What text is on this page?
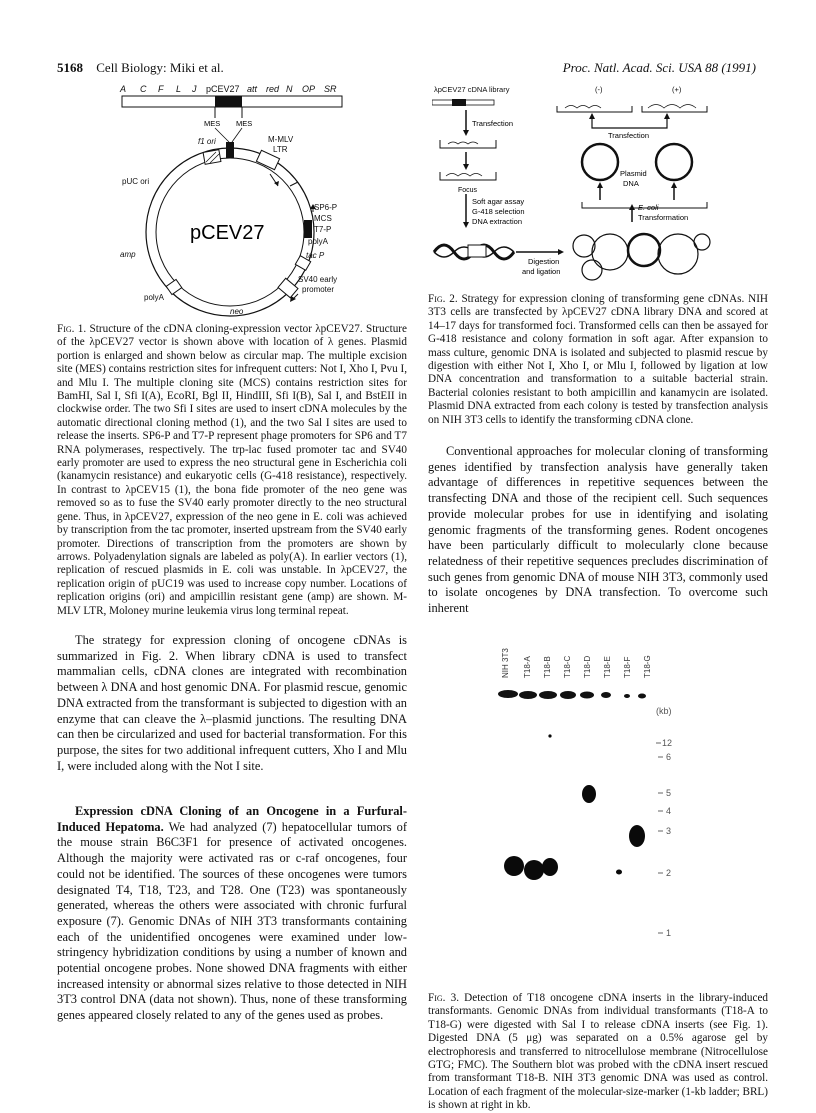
5168 Cell Biology: Miki et al.	Proc. Natl. Acad. Sci. USA 88 (1991)
A C F L J pCEV27 att red N OP SR
MES MES
f1 ori	M-MLV
LTR
pUC ori
SP6-P
MCS
T7-P
polyA
tac P
amp
SV40 early
promoter
polyA
neo
pCEV27
Fig. 1. Structure of the cDNA cloning-expression vector λpCEV27. Structure of the λpCEV27 vector is shown above with location of λ genes. Plasmid portion is enlarged and shown below as circular map. The multiple excision site (MES) contains restriction sites for infrequent cutters: Not I, Xho I, Pvu I, and Mlu I. The multiple cloning site (MCS) contains restriction sites for BamHI, Sal I, Sfi I(A), EcoRI, Bgl II, HindIII, Sfi I(B), Sal I, and BstEII in clockwise order. The two Sfi I sites are used to insert cDNA molecules by the automatic directional cloning method (1), and the two Sal I sites are used to release the inserts. SP6-P and T7-P represent phage promoters for SP6 and T7 RNA polymerases, respectively. The trp-lac fused promoter tac and SV40 early promoter are used to express the neo structural gene in Escherichia coli (kanamycin resistance) and eukaryotic cells (G-418 resistance), respectively. In contrast to λpCEV15 (1), the bona fide promoter of the neo gene was removed so as to fuse the SV40 early promoter directly to the neo structural gene. Thus, in λpCEV27, expression of the neo gene in E. coli was achieved by transcription from the tac promoter, inserted upstream from the SV40 early promoter. Directions of transcription from the promoters are shown by arrows. Polyadenylation signals are labeled as poly(A). In earlier vectors (1), replication of rescued plasmids in E. coli was unstable. In λpCEV27, the replication origin of pUC19 was used to increase copy number. Locations of replication origins (ori) and ampicillin resistant gene (amp) are shown. M-MLV LTR, Moloney murine leukemia virus long terminal repeat.
The strategy for expression cloning of oncogene cDNAs is summarized in Fig. 2. When library cDNA is used to transfect mammalian cells, cDNA clones are integrated with recombination between λ DNA and host genomic DNA. For plasmid rescue, genomic DNA extracted from the transformant is subjected to digestion with an enzyme that can cleave the λ–plasmid junctions. The resulting DNA can then be circularized and used for bacterial transformation. For this purpose, the sites for two additional infrequent cutters, Xho I and Mlu I, were included along with the Not I site.
Expression cDNA Cloning of an Oncogene in a Furfural-Induced Hepatoma. We had analyzed (7) hepatocellular tumors of the mouse strain B6C3F1 for presence of activated oncogenes. Although the majority were activated ras or c-raf oncogenes, four could not be identified. The sources of these oncogenes were tumors designated T4, T18, T23, and T28. One (T23) was spontaneously generated, whereas the others were associated with chronic furfural exposure (7). Genomic DNAs of NIH 3T3 transformants containing each of the unidentified oncogenes were examined under low-stringency hybridization conditions by using a number of known and potential oncogene probes. None showed DNA fragments with either increased intensity or abnormal sizes relative to those detected in NIH 3T3 control DNA (data not shown). Thus, none of these transforming genes appeared closely related to any of the genes used as probes.
λpCEV27 cDNA library	(-)	(+)
Transfection
Transfection
Focus
Plasmid
DNA
Soft agar assay
G-418 selection
DNA extraction
E. coli
Transformation
Digestion
and ligation
Fig. 2. Strategy for expression cloning of transforming gene cDNAs. NIH 3T3 cells are transfected by λpCEV27 cDNA library DNA and scored at 14–17 days for transformed foci. Transformed cells can then be assayed for G-418 resistance and colony formation in soft agar. After expansion to mass culture, genomic DNA is isolated and subjected to plasmid rescue by digestion with either Not I, Xho I, or Mlu I, followed by ligation at low DNA concentration and transformation to a suitable bacterial strain. Bacterial colonies resistant to both ampicillin and kanamycin are isolated. Plasmid DNA extracted from each colony is tested by transfection analysis on NIH 3T3 cells to identify the transforming cDNA clone.
Conventional approaches for molecular cloning of transforming genes identified by transfection analysis have generally taken advantage of differences in repetitive sequences between the transfecting DNA and those of the recipient cell. Such sequences provide molecular probes for use in identifying and isolating genomic fragments of the transforming genes. Rodent oncogenes have been particularly difficult to molecularly clone because relatedness of their repetitive sequences precludes discrimination of such genes from genomic DNA of mouse NIH 3T3, commonly used to isolate oncogenes by DNA transfection. To overcome such inherent
NIH 3T3 T18-A T18-B T18-C T18-D T18-E T18-F T18-G
(kb)
12
6
5
4
3
2
1
Fig. 3. Detection of T18 oncogene cDNA inserts in the library-induced transformants. Genomic DNAs from individual transformants (T18-A to T18-G) were digested with Sal I to release cDNA inserts (see Fig. 1). Digested DNA (5 μg) was separated on a 0.5% agarose gel by electrophoresis and transferred to nitrocellulose membrane (Nitrocellulose GTG; FMC). The Southern blot was probed with the cDNA insert rescued from transformant T18-B. NIH 3T3 genomic DNA was used as control. Location of each fragment of the molecular-size-marker (1-kb ladder; BRL) is shown at right in kb.
